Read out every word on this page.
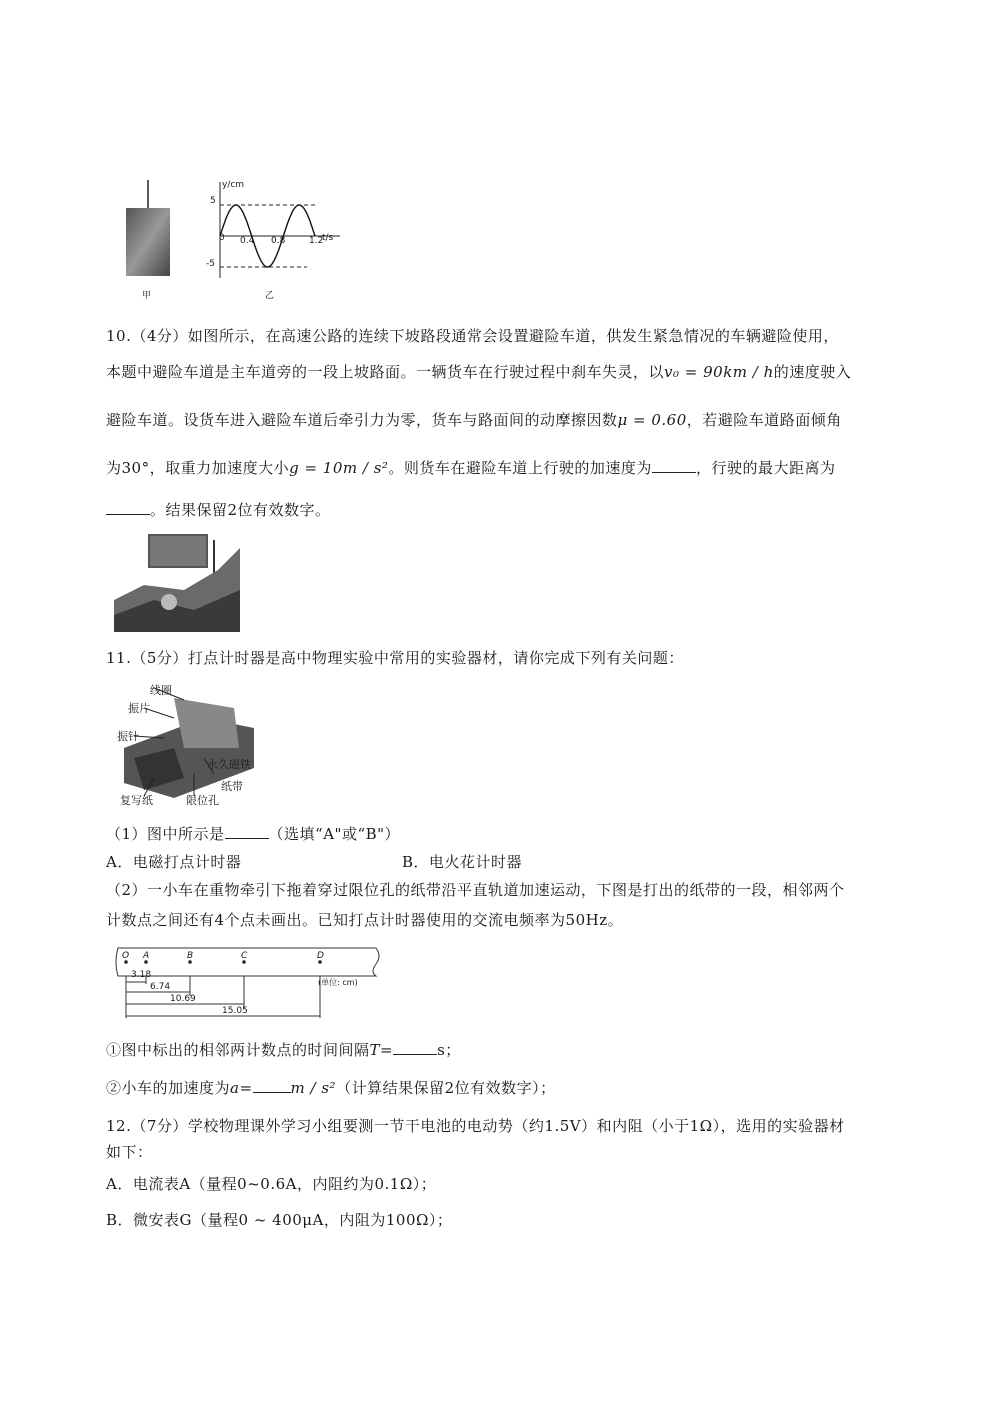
甲
y/cm
t/s
5
0
-5
0.4 0.8	1.2
乙
10.（4分）如图所示，在高速公路的连续下坡路段通常会设置避险车道，供发生紧急情况的车辆避险使用，
本题中避险车道是主车道旁的一段上坡路面。一辆货车在行驶过程中刹车失灵，以v₀ = 90km / h的速度驶入
避险车道。设货车进入避险车道后牵引力为零，货车与路面间的动摩擦因数μ = 0.60，若避险车道路面倾角
为30°，取重力加速度大小g = 10m / s²。则货车在避险车道上行驶的加速度为	，行驶的最大距离为
。结果保留2位有效数字。
11.（5分）打点计时器是高中物理实验中常用的实验器材，请你完成下列有关问题：
线圈
振片
振针
永久磁铁
纸带
复写纸	限位孔
（1）图中所示是	（选填“A"或“B"）
A．电磁打点计时器	B．电火花计时器
（2）一小车在重物牵引下拖着穿过限位孔的纸带沿平直轨道加速运动，下图是打出的纸带的一段，相邻两个
计数点之间还有4个点未画出。已知打点计时器使用的交流电频率为50Hz。
O A	B	C	D
(单位: cm)
3.18
6.74
10.69
15.05
①图中标出的相邻两计数点的时间间隔T=	s；
②小车的加速度为a=	m / s²（计算结果保留2位有效数字）；
12.（7分）学校物理课外学习小组要测一节干电池的电动势（约1.5V）和内阻（小于1Ω），选用的实验器材
如下：
A．电流表A（量程0~0.6A，内阻约为0.1Ω）；
B．微安表G（量程0 ~ 400μA，内阻为100Ω）；
